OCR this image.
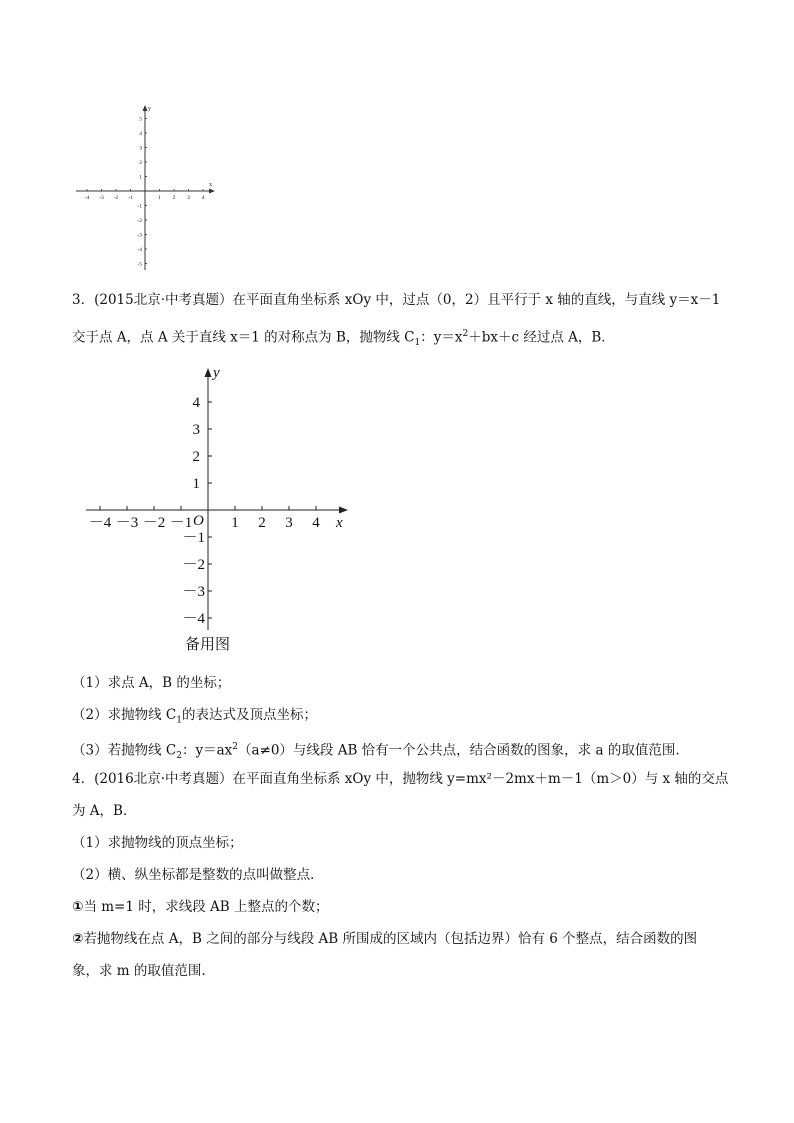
-4 -3 -2 -1	1 2 3 4
5
4
3
2
1
-1
-2
-3
-4
-5
x
y
3．(2015北京·中考真题）在平面直角坐标系 xOy 中，过点（0，2）且平行于 x 轴的直线，与直线 y＝x－1
交于点 A，点 A 关于直线 x＝1 的对称点为 B，抛物线 $C_1$：$y=x^2+bx+c$ 经过点 A，B．
－4 －3 －2 －1	1 2 3 4
4
3
2
1
－1
－2
－3
－4
O	x
y
备用图
（1）求点 A，B 的坐标；
（2）求抛物线 $C_1$的表达式及顶点坐标；
（3）若抛物线 $C_2$：$y=ax^2(a\ne 0)$与线段 AB 恰有一个公共点，结合函数的图象，求 a 的取值范围.
4．(2016北京·中考真题）在平面直角坐标系 xOy 中，抛物线 y=mx²－2mx＋m－1（m＞0）与 x 轴的交点
为 A，B．
（1）求抛物线的顶点坐标；
（2）横、纵坐标都是整数的点叫做整点．
①当 m=1 时，求线段 AB 上整点的个数；
②若抛物线在点 A，B 之间的部分与线段 AB 所围成的区域内（包括边界）恰有 6 个整点，结合函数的图
象，求 m 的取值范围.
